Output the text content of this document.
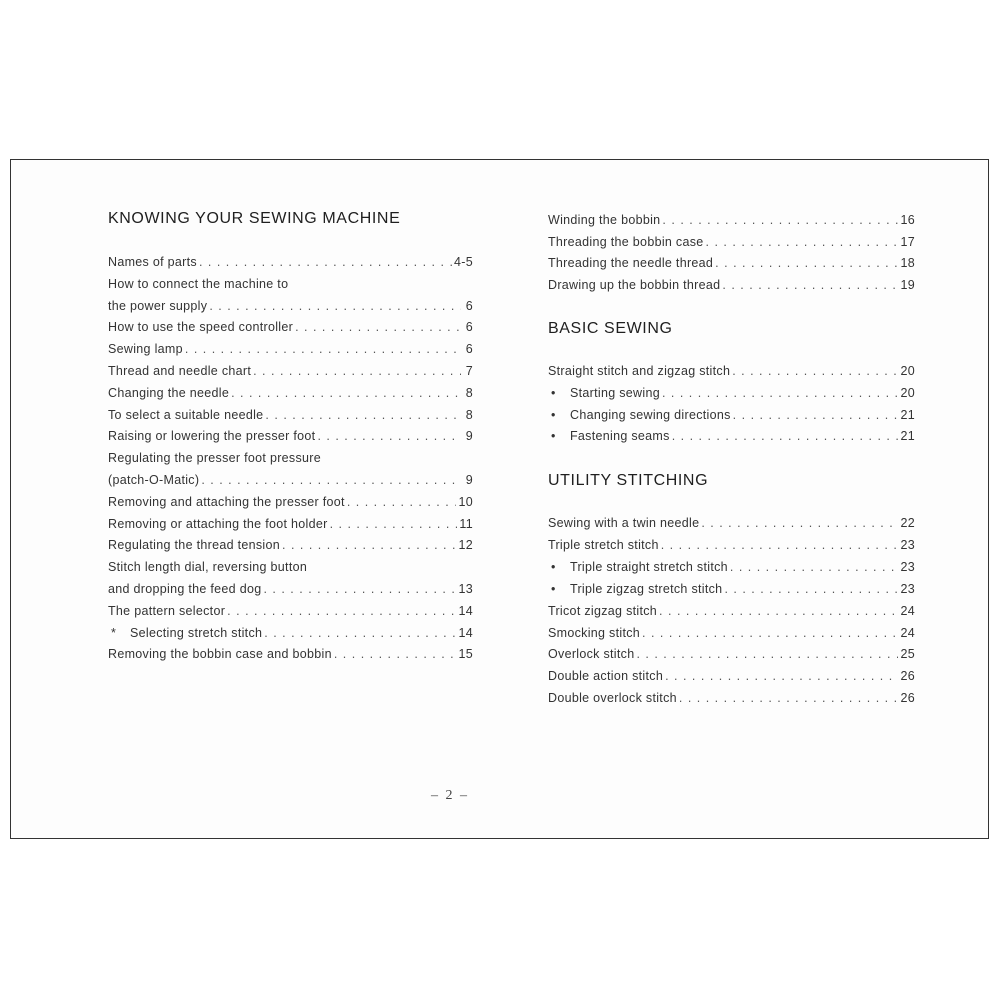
KNOWING YOUR SEWING MACHINE
Names of parts . . .	4-5
How to connect the machine to
the power supply . . .	6
How to use the speed controller . . .	6
Sewing lamp . . .	6
Thread and needle chart . . .	7
Changing the needle . . .	8
To select a suitable needle . . .	8
Raising or lowering the presser foot . . .	9
Regulating the presser foot pressure
(patch-O-Matic) . . .	9
Removing and attaching the presser foot . . .	10
Removing or attaching the foot holder . . .	11
Regulating the thread tension . . .	12
Stitch length dial, reversing button
and dropping the feed dog . . .	13
The pattern selector . . .	14
*	Selecting stretch stitch . . .	14
Removing the bobbin case and bobbin . . .	15
Winding the bobbin . . .	16
Threading the bobbin case . . .	17
Threading the needle thread . . .	18
Drawing up the bobbin thread . . .	19
BASIC SEWING
Straight stitch and zigzag stitch . . .	20
•	Starting sewing . . .	20
•	Changing sewing directions . . .	21
•	Fastening seams . . .	21
UTILITY STITCHING
Sewing with a twin needle . . .	22
Triple stretch stitch . . .	23
•	Triple straight stretch stitch . . .	23
•	Triple zigzag stretch stitch . . .	23
Tricot zigzag stitch . . .	24
Smocking stitch . . .	24
Overlock stitch . . .	25
Double action stitch . . .	26
Double overlock stitch . . .	26
– 2 –
